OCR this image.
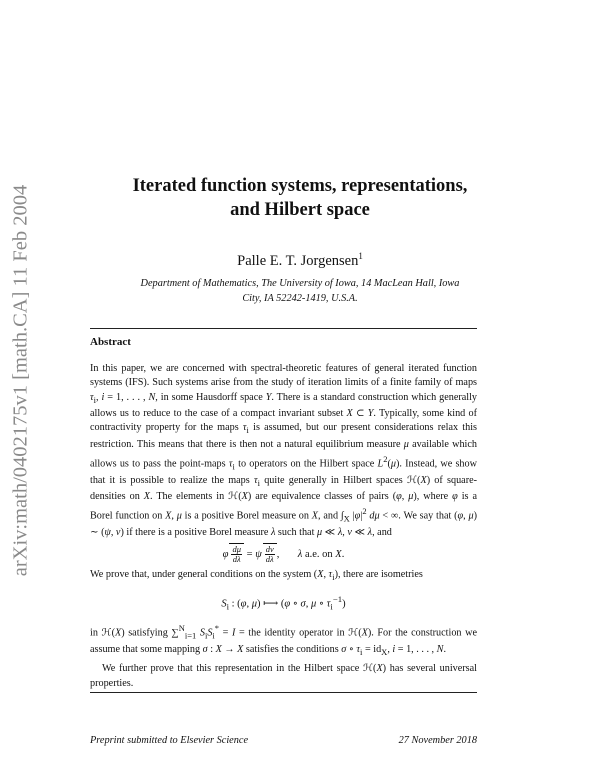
arXiv:math/0402175v1 [math.CA] 11 Feb 2004	Iterated function systems, representations,
and Hilbert space
Palle E. T. Jorgensen$^1$
Department of Mathematics, The University of Iowa, 14 MacLean Hall, Iowa
City, IA 52242-1419, U.S.A.
Abstract

In this paper, we are concerned with spectral-theoretic features of general iterated function systems (IFS). Such systems arise from the study of iteration limits of a finite family of maps $\tau_i$, i = 1, . . . , N, in some Hausdorff space Y. There is a standard construction which generally allows us to reduce to the case of a compact invariant subset X ⊂ Y. Typically, some kind of contractivity property for the maps $\tau_i$ is assumed, but our present considerations relax this restriction. This means that there is then not a natural equilibrium measure μ available which allows us to pass the point-maps $\tau_i$ to operators on the Hilbert space $L^2(\mu)$. Instead, we show that it is possible to realize the maps $\tau_i$ quite generally in Hilbert spaces ℋ(X) of square-densities on X. The elements in ℋ(X) are equivalence classes of pairs (φ, μ), where φ is a Borel function on X, μ is a positive Borel measure on X, and $\int_X$ $|\varphi|^2$ dμ < ∞. We say that (φ, μ) ∼ (ψ, ν) if there is a positive Borel measure λ such that μ ≪ λ, ν ≪ λ, and

φ $\frac{d\mu}{d\lambda} = \psi \frac{d\nu}{d\lambda}$ ,       λ a.e. on X.

We prove that, under general conditions on the system (X, $\tau_i$), there are isometries

$S_i$ : (φ, μ) ⟼ (φ ∘ σ, μ ∘ $\tau_i^{-1}$)

in ℋ(X) satisfying ∑$^N_{i=1}$ $S_iS_i^* = I$ = the identity operator in ℋ(X). For the construction we assume that some mapping σ : X → X satisfies the conditions σ ∘ $\tau_i = id_X$, i = 1, . . . , N.

We further prove that this representation in the Hilbert space ℋ(X) has several universal properties.

Preprint submitted to Elsevier Science	27 November 2018
